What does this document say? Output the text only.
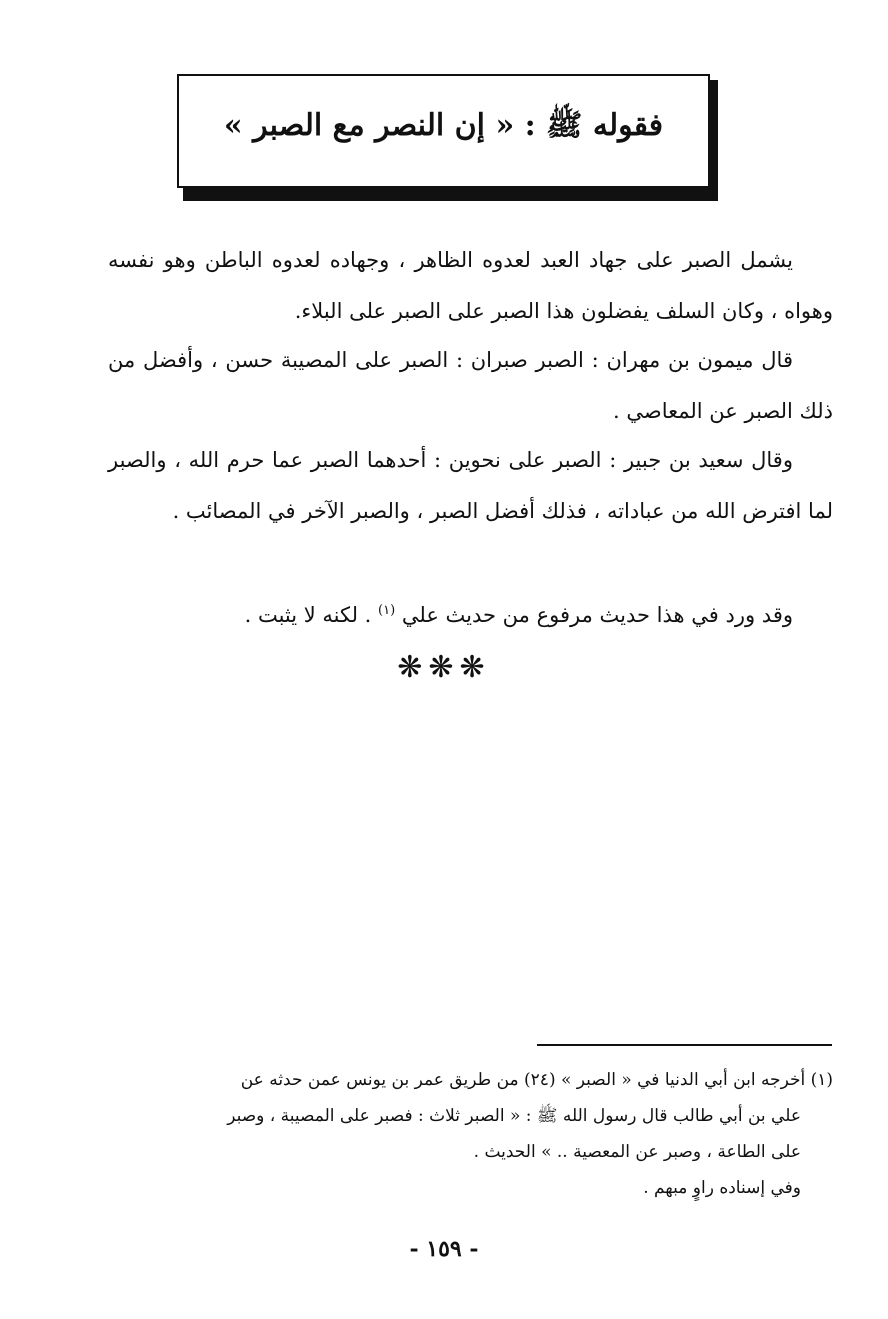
فقوله ﷺ : « إن النصر مع الصبر »

يشمل الصبر على جهاد العبد لعدوه الظاهر ، وجهاده لعدوه الباطن وهو نفسه وهواه ، وكان السلف يفضلون هذا الصبر على الصبر على البلاء.

قال ميمون بن مهران : الصبر صبران : الصبر على المصيبة حسن ، وأفضل من ذلك الصبر عن المعاصي .

وقال سعيد بن جبير : الصبر على نحوين : أحدهما الصبر عما حرم الله ، والصبر لما افترض الله من عباداته ، فذلك أفضل الصبر ، والصبر الآخر في المصائب .

وقد ورد في هذا حديث مرفوع من حديث علي $^{(١)}$ . لكنه لا يثبت .

❋❋❋
(١) أخرجه ابن أبي الدنيا في « الصبر » (٢٤) من طريق عمر بن يونس عمن حدثه عن
علي بن أبي طالب قال رسول الله ﷺ : « الصبر ثلاث : فصبر على المصيبة ، وصبر
على الطاعة ، وصبر عن المعصية .. » الحديث .
وفي إسناده راوٍ مبهم .
- ١٥٩ -
